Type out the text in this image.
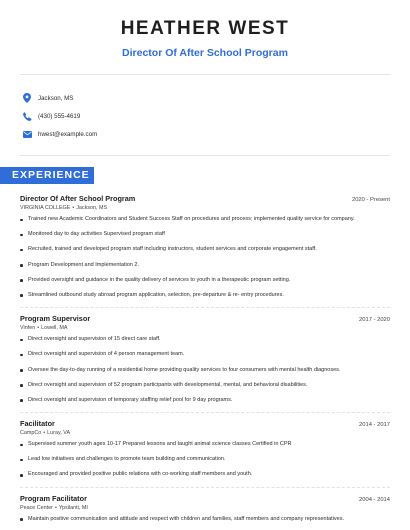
HEATHER WEST
Director Of After School Program
Jackson, MS
(430) 555-4619
hwest@example.com
EXPERIENCE
Director Of After School Program	2020 - Present
VIRGINIA COLLEGE • Jackson, MS
Trained new Academic Coordinators and Student Success Staff on procedures and process; implemented quality service for company.
Monitored day to day activities Supervised program staff
Recruited, trained and developed program staff including instructors, student services and corporate engagement staff.
Program Development and Implementation 2.
Provided oversight and guidance in the quality delivery of services to youth in a therapeutic program setting.
Streamlined outbound study abroad program application, selection, pre-departure & re- entry procedures.
Program Supervisor	2017 - 2020
Vinfen • Lowell, MA
Direct oversight and supervision of 15 direct care staff.
Direct oversight and supervision of 4 person management team.
Oversee the day-to-day running of a residential home providing quality services to four consumers with mental health diagnoses.
Direct oversight and supervision of 52 program participants with developmental, mental, and behavioral disabilities.
Direct oversight and supervision of temporary staffing relief pool for 9 day programs.
Facilitator	2014 - 2017
CampCo • Luray, VA
Supervised summer youth ages 10-17 Prepared lessons and taught animal science classes Certified in CPR
Lead low initiatives and challenges to promote team building and communication.
Encouraged and provided positive public relations with co-working staff members and youth.
Program Facilitator	2004 - 2014
Peace Center • Ypsilanti, MI
Maintain positive communication and attitude and respect with children and families, staff members and company representatives.
